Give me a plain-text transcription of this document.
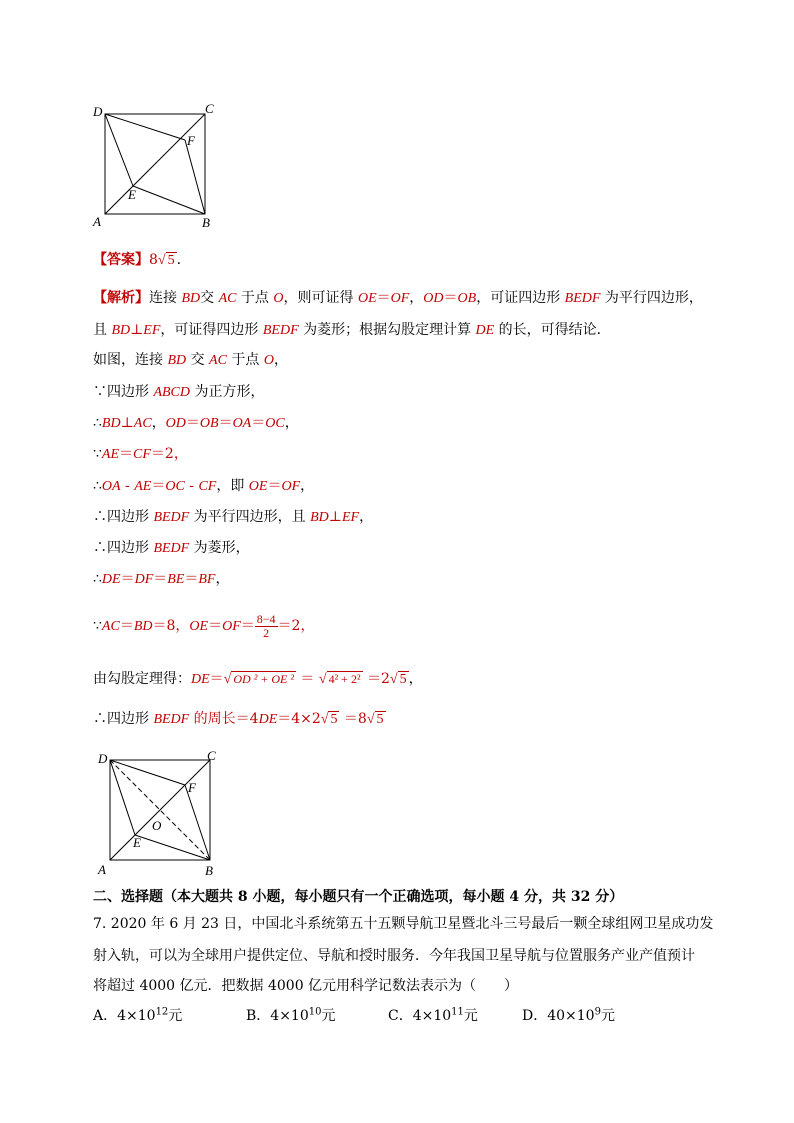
D	C
A	B
E
F
【答案】8√ 5 .
【解析】连接 BD交 AC 于点 O，则可证得 OE＝OF，OD＝OB，可证四边形 BEDF 为平行四边形，
且 BD⊥EF，可证得四边形 BEDF 为菱形；根据勾股定理计算 DE 的长，可得结论．
如图，连接 BD 交 AC 于点 O，
∵四边形 ABCD 为正方形，
∴BD⊥AC，OD＝OB＝OA＝OC，
∵AE＝CF＝2，
∴OA - AE＝OC - CF，即 OE＝OF，
∴四边形 BEDF 为平行四边形，且 BD⊥EF，
∴四边形 BEDF 为菱形，
∴DE＝DF＝BE＝BF，
∵AC＝BD＝8，$OE=OF= \frac{8-4}{2} =2$，
由勾股定理得：DE＝√ OD ² + OE ² ＝ √ 4² + 2² ＝2√ 5 ，
∴四边形 BEDF 的周长＝4DE＝4×2√ 5 ＝8√ 5
D	C
A	B
E
F
O
二、选择题（本大题共 8 小题，每小题只有一个正确选项，每小题 4 分，共 32 分）
7. 2020 年 6 月 23 日，中国北斗系统第五十五颗导航卫星暨北斗三号最后一颗全球组网卫星成功发
射入轨，可以为全球用户提供定位、导航和授时服务．今年我国卫星导航与位置服务产业产值预计
将超过 4000 亿元．把数据 4000 亿元用科学记数法表示为（　　）
A．$4\times 10^{12}$元	B．$4\times 10^{10}$元	C．$4\times 10^{11}$元	D．$40\times 10^9$元
